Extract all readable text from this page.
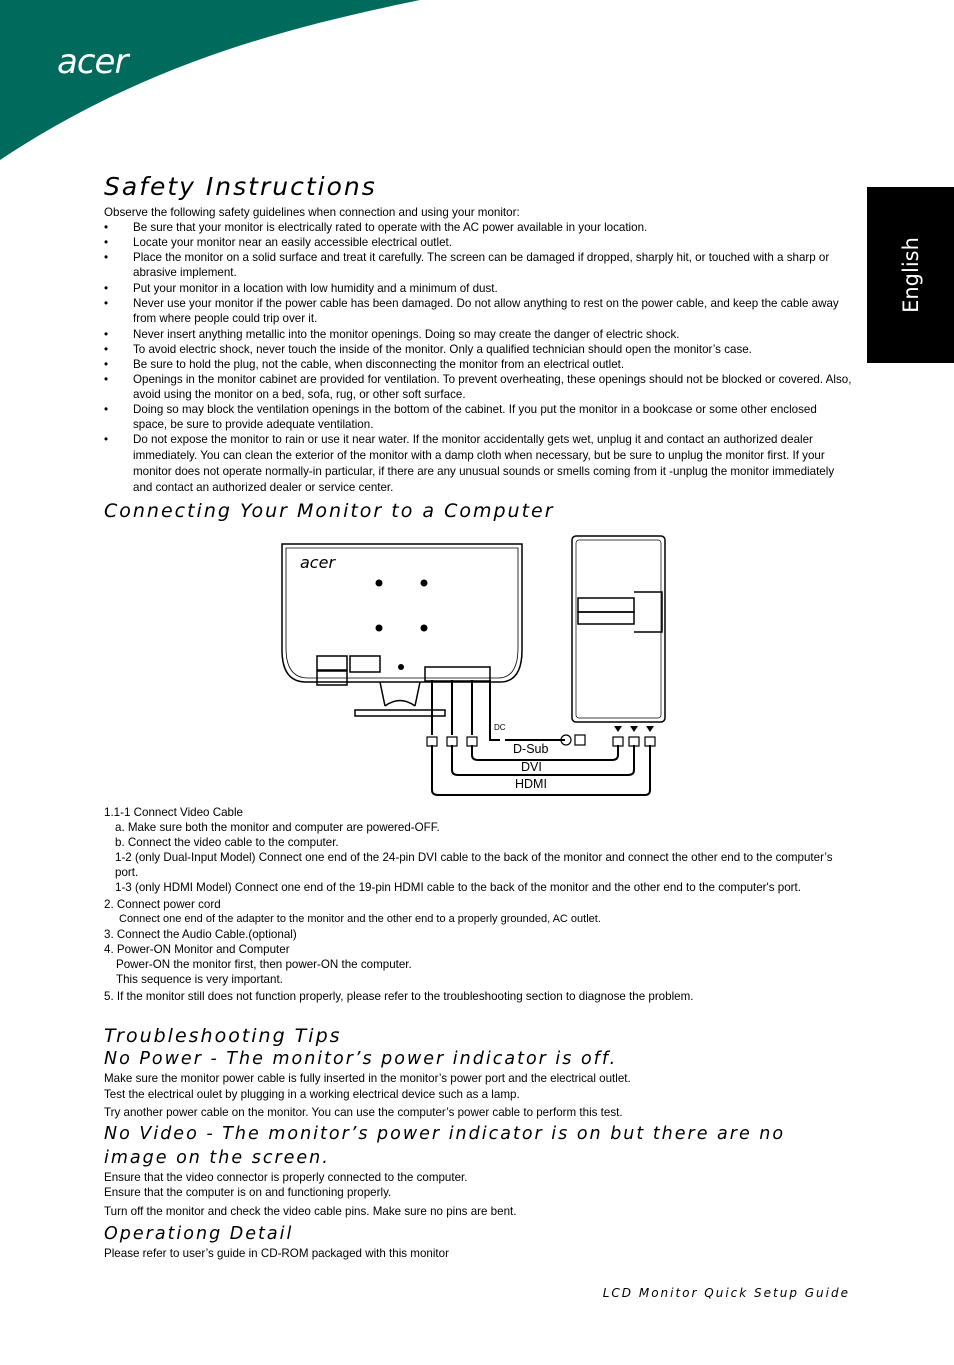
acer
English
Safety Instructions
Observe the following safety guidelines when connection and using your monitor:
• Be sure that your monitor is electrically rated to operate with the AC power available in your location.
• Locate your monitor near an easily accessible electrical outlet.
• Place the monitor on a solid surface and treat it carefully. The screen can be damaged if dropped, sharply hit, or touched with a sharp or abrasive implement.
• Put your monitor in a location with low humidity and a minimum of dust.
• Never use your monitor if the power cable has been damaged. Do not allow anything to rest on the power cable, and keep the cable away from where people could trip over it.
• Never insert anything metallic into the monitor openings. Doing so may create the danger of electric shock.
• To avoid electric shock, never touch the inside of the monitor. Only a qualified technician should open the monitor’s case.
• Be sure to hold the plug, not the cable, when disconnecting the monitor from an electrical outlet.
• Openings in the monitor cabinet are provided for ventilation. To prevent overheating, these openings should not be blocked or covered. Also, avoid using the monitor on a bed, sofa, rug, or other soft surface.
• Doing so may block the ventilation openings in the bottom of the cabinet. If you put the monitor in a bookcase or some other enclosed space, be sure to provide adequate ventilation.
• Do not expose the monitor to rain or use it near water. If the monitor accidentally gets wet, unplug it and contact an authorized dealer immediately. You can clean the exterior of the monitor with a damp cloth when necessary, but be sure to unplug the monitor first. If your monitor does not operate normally-in particular, if there are any unusual sounds or smells coming from it -unplug the monitor immediately and contact an authorized dealer or service center.
Connecting Your Monitor to a Computer
acer
DC
D-Sub
DVI
HDMI
1.1-1 Connect Video Cable
a. Make sure both the monitor and computer are powered-OFF.
b. Connect the video cable to the computer.
1-2 (only Dual-Input Model) Connect one end of the 24-pin DVI cable to the back of the monitor and connect the other end to the computer’s port.
1-3 (only HDMI Model) Connect one end of the 19-pin HDMI cable to the back of the monitor and the other end to the computer's port.
2. Connect power cord
Connect one end of the adapter to the monitor and the other end to a properly grounded, AC outlet.
3. Connect the Audio Cable.(optional)
4. Power-ON Monitor and Computer
Power-ON the monitor first, then power-ON the computer.
This sequence is very important.
5. If the monitor still does not function properly, please refer to the troubleshooting section to diagnose the problem.
Troubleshooting Tips
No Power - The monitor’s power indicator is off.
Make sure the monitor power cable is fully inserted in the monitor’s power port and the electrical outlet.
Test the electrical oulet by plugging in a working electrical device such as a lamp.
Try another power cable on the monitor. You can use the computer’s power cable to perform this test.
No Video - The monitor’s power indicator is on but there are no image on the screen.
Ensure that the video connector is properly connected to the computer.
Ensure that the computer is on and functioning properly.
Turn off the monitor and check the video cable pins. Make sure no pins are bent.
Operationg Detail
Please refer to user’s guide in CD-ROM packaged with this monitor
LCD Monitor Quick Setup Guide
